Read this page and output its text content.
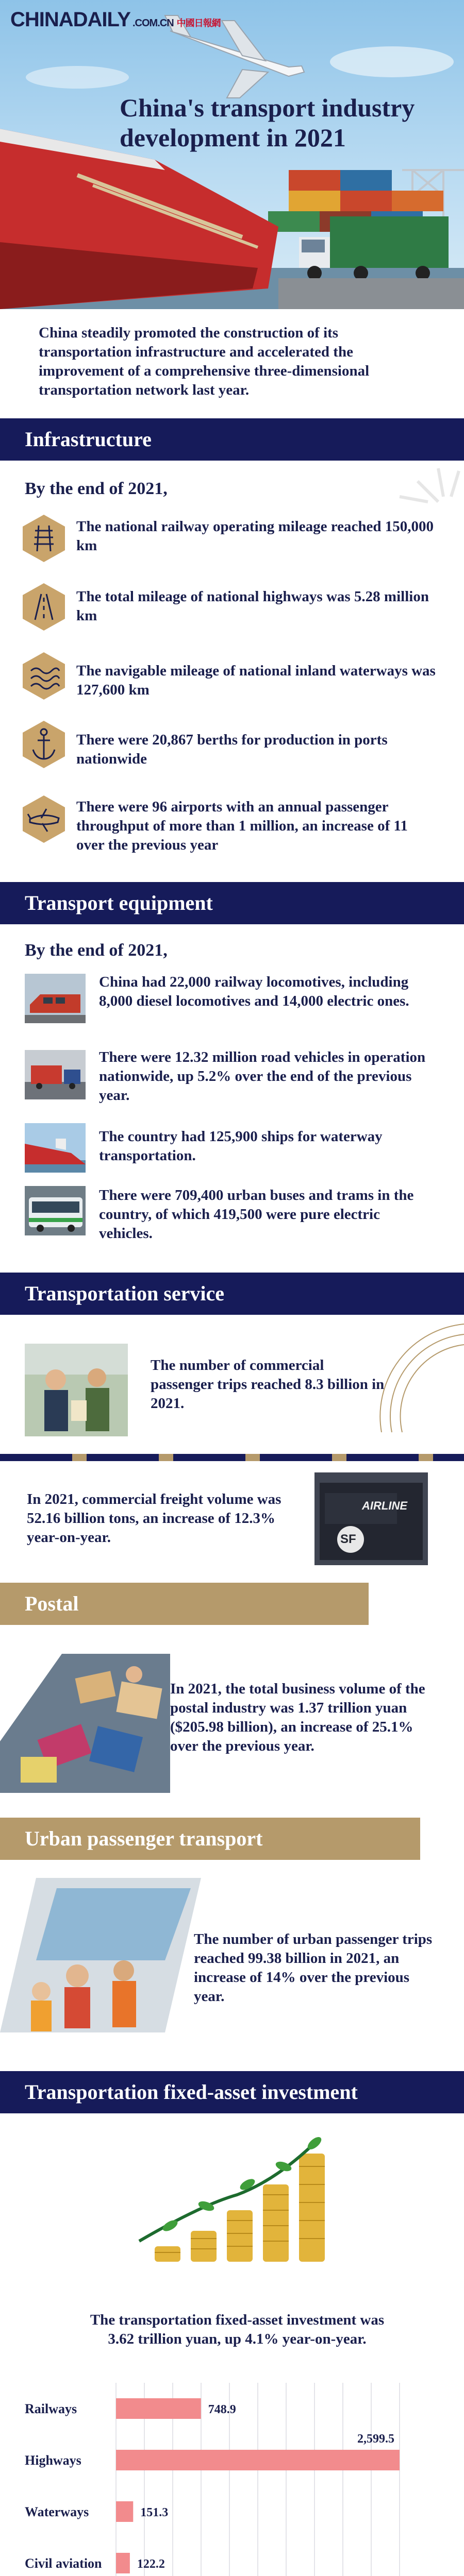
CHINADAILY .COM.CN 中國日報網
China's transport industry development in 2021
China steadily promoted the construction of its transportation infrastructure and accelerated the improvement of a comprehensive three-dimensional transportation network last year.
Infrastructure
By the end of 2021,
The national railway operating mileage reached 150,000 km
The total mileage of national highways was 5.28 million km
The navigable mileage of national inland waterways was 127,600 km
There were 20,867 berths for production in ports nationwide
There were 96 airports with an annual passenger throughput of more than 1 million, an increase of 11 over the previous year
Transport equipment
By the end of 2021,
China had 22,000 railway locomotives, including 8,000 diesel locomotives and 14,000 electric ones.
There were 12.32 million road vehicles in operation nationwide, up 5.2% over the end of the previous year.
The country had 125,900 ships for waterway transportation.
There were 709,400 urban buses and trams in the country, of which 419,500 were pure electric vehicles.
Transportation service
The number of commercial passenger trips reached 8.3 billion in 2021.
In 2021, commercial freight volume was 52.16 billion tons, an increase of 12.3% year-on-year.
AIRLINE
SF
Postal
In 2021, the total business volume of the postal industry was 1.37 trillion yuan ($205.98 billion), an increase of 25.1% over the previous year.
Urban passenger transport
The number of urban passenger trips reached 99.38 billion in 2021, an increase of 14% over the previous year.
Transportation fixed-asset investment
The transportation fixed-asset investment was 3.62 trillion yuan, up 4.1% year-on-year.
Railways	748.9
Highways
2,599.5
Waterways	151.3
Civil aviation	122.2
